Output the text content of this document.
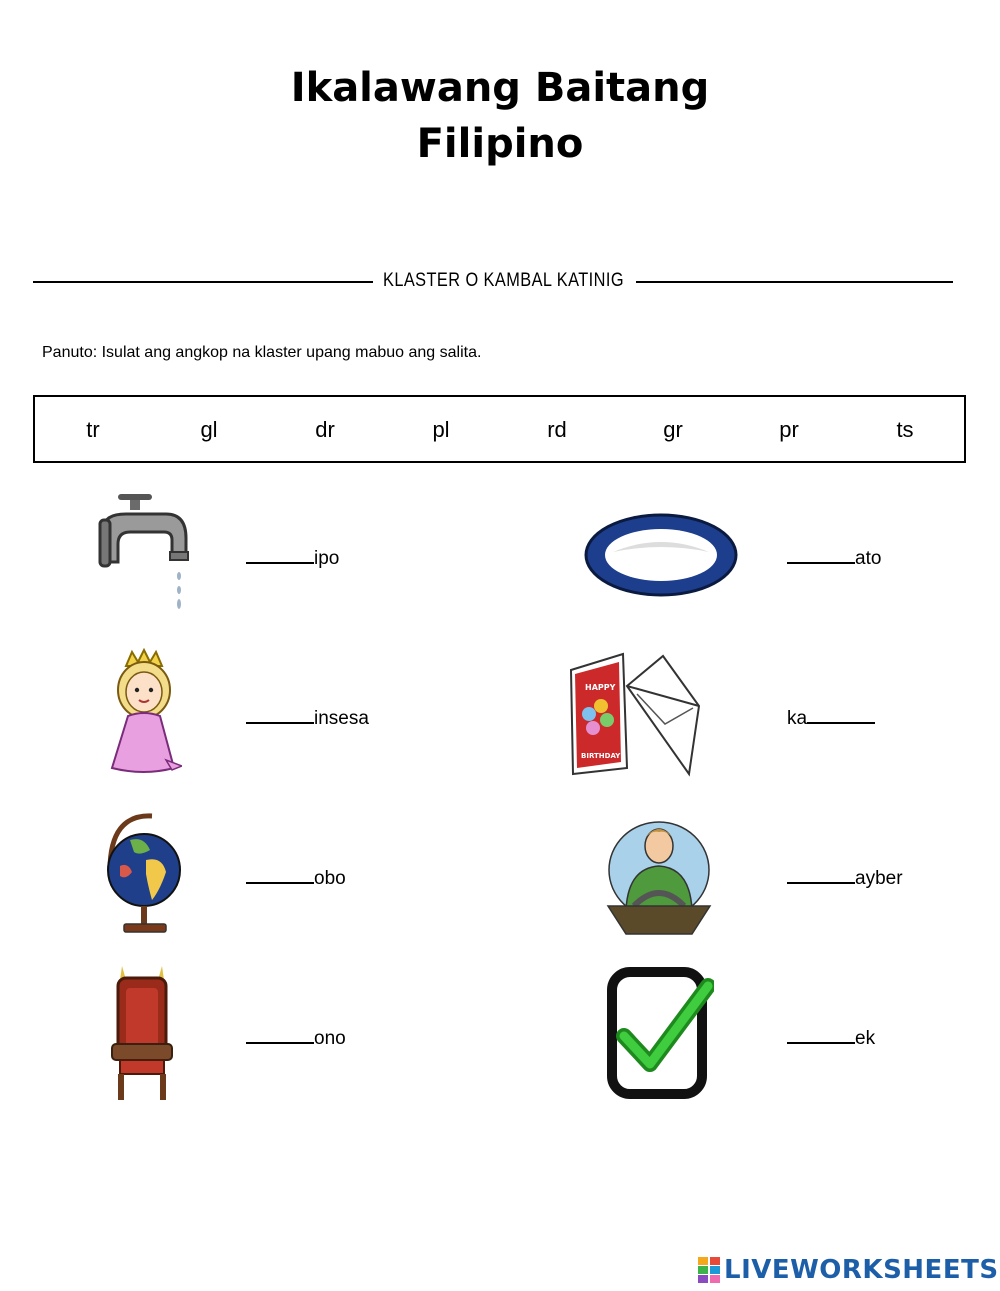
Ikalawang Baitang
Filipino
KLASTER O KAMBAL KATINIG
Panuto: Isulat ang angkop na klaster upang mabuo ang salita.
tr	gl	dr	pl	rd	gr	pr	ts
ipo	ato
insesa
HAPPY
BIRTHDAY
ka
obo	ayber
ono	ek
LIVEWORKSHEETS
